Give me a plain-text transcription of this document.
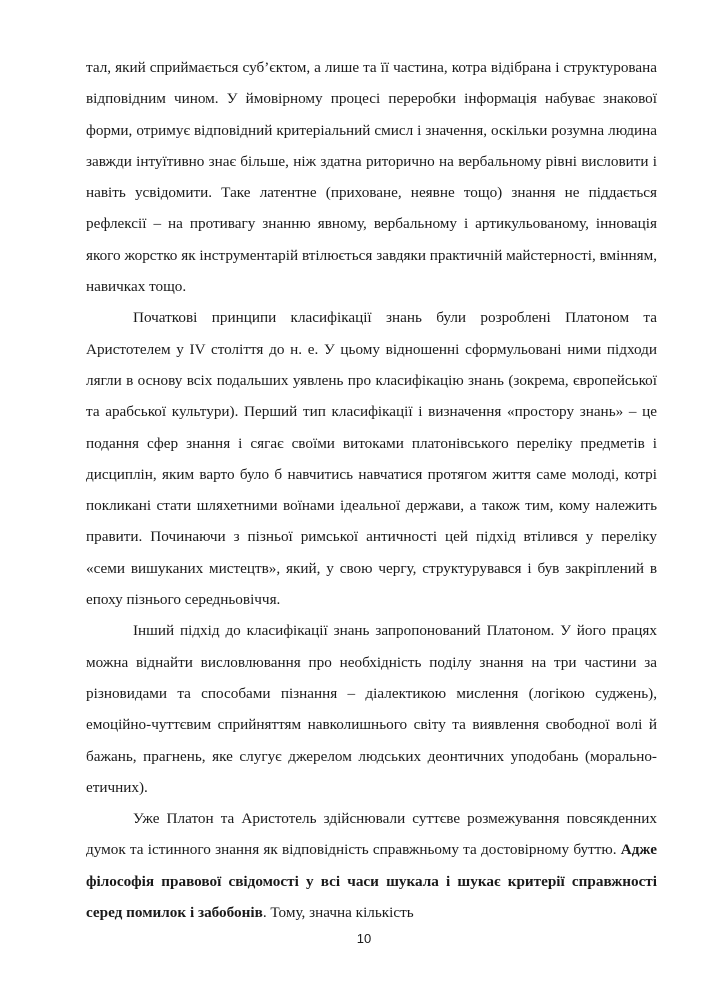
тал, який сприймається суб’єктом, а лише та її частина, котра відібрана і структурована відповідним чином. У ймовірному процесі переробки інформація набуває знакової форми, отримує відповідний критеріальний смисл і значення, оскільки розумна людина завжди інтуїтивно знає більше, ніж здатна риторично на вербальному рівні висловити і навіть усвідомити. Таке латентне (приховане, неявне тощо) знання не піддається рефлексії – на противагу знанню явному, вербальному і артикульованому, інновація якого жорстко як інструментарій втілюється завдяки практичній майстерності, вмінням, навичках тощо.

Початкові принципи класифікації знань були розроблені Платоном та Аристотелем у IV століття до н. е. У цьому відношенні сформульовані ними підходи лягли в основу всіх подальших уявлень про класифікацію знань (зокрема, європейської та арабської культури). Перший тип класифікації і визначення «простору знань» – це подання сфер знання і сягає своїми витоками платонівського переліку предметів і дисциплін, яким варто було б навчитись навчатися протягом життя саме молоді, котрі покликані стати шляхетними воїнами ідеальної держави, а також тим, кому належить правити. Починаючи з пізньої римської античності цей підхід втілився у переліку «семи вишуканих мистецтв», який, у свою чергу, структурувався і був закріплений в епоху пізнього середньовіччя.

Інший підхід до класифікації знань запропонований Платоном. У його працях можна віднайти висловлювання про необхідність поділу знання на три частини за різновидами та способами пізнання – діалектикою мислення (логікою суджень), емоційно-чуттєвим сприйняттям навколишнього світу та виявлення свободної волі й бажань, прагнень, яке слугує джерелом людських деонтичних уподобань (морально-етичних).

Уже Платон та Аристотель здійснювали суттєве розмежування повсякденних думок та істинного знання як відповідність справжньому та достовірному буттю. Адже філософія правової свідомості у всі часи шукала і шукає критерії справжності серед помилок і забобонів. Тому, значна кількість

10
